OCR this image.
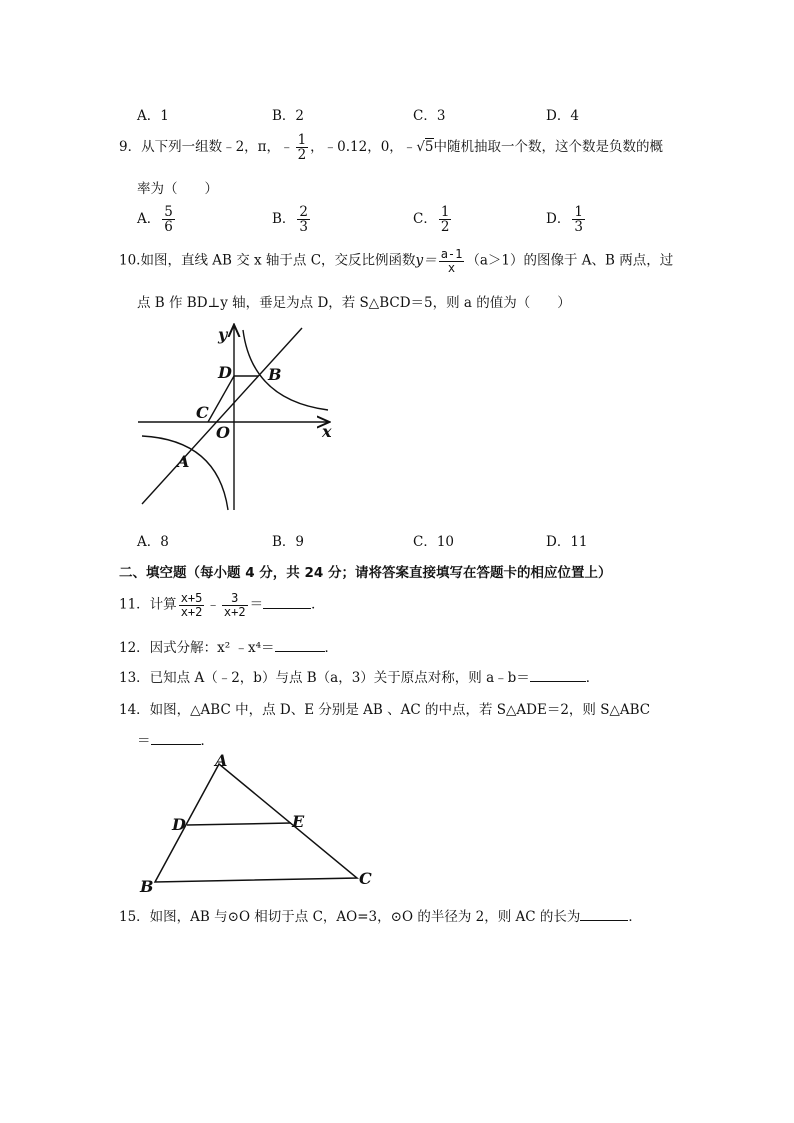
A．1	B．2	C．3	D．4
9．从下列一组数﹣2，π，﹣ $\frac{1}{2}$ ，﹣0.12，0，﹣√5中随机抽取一个数，这个数是负数的概
率为（　　）
A． $\frac{5}{6}$	B． $\frac{2}{3}$	C． $\frac{1}{2}$	D． $\frac{1}{3}$
10.如图，直线 AB 交 x 轴于点 C，交反比例函数$y= \frac{a-1}{x} (a>1)$的图像于 A、B 两点，过
点 B 作 BD⊥y 轴，垂足为点 D，若 S△BCD＝5，则 a 的值为（　　）
y
x
D B
C
O
A
A．8	B．9	C．10	D．11
二、填空题（每小题 4 分，共 24 分；请将答案直接填写在答题卡的相应位置上）
11．计算 $\frac{x+5}{x+2}$ ﹣ $\frac{3}{x+2}$ ＝	．
12．因式分解：x² ﹣x⁴＝	．
13．已知点 A（﹣2，b）与点 B（a，3）关于原点对称，则 a﹣b＝	．
14．如图，△ABC 中，点 D、E 分别是 AB 、AC 的中点，若 S△ADE＝2，则 S△ABC
＝	．
A
D	E
B	C
15．如图，AB 与⊙O 相切于点 C，AO=3，⊙O 的半径为 2，则 AC 的长为	．
